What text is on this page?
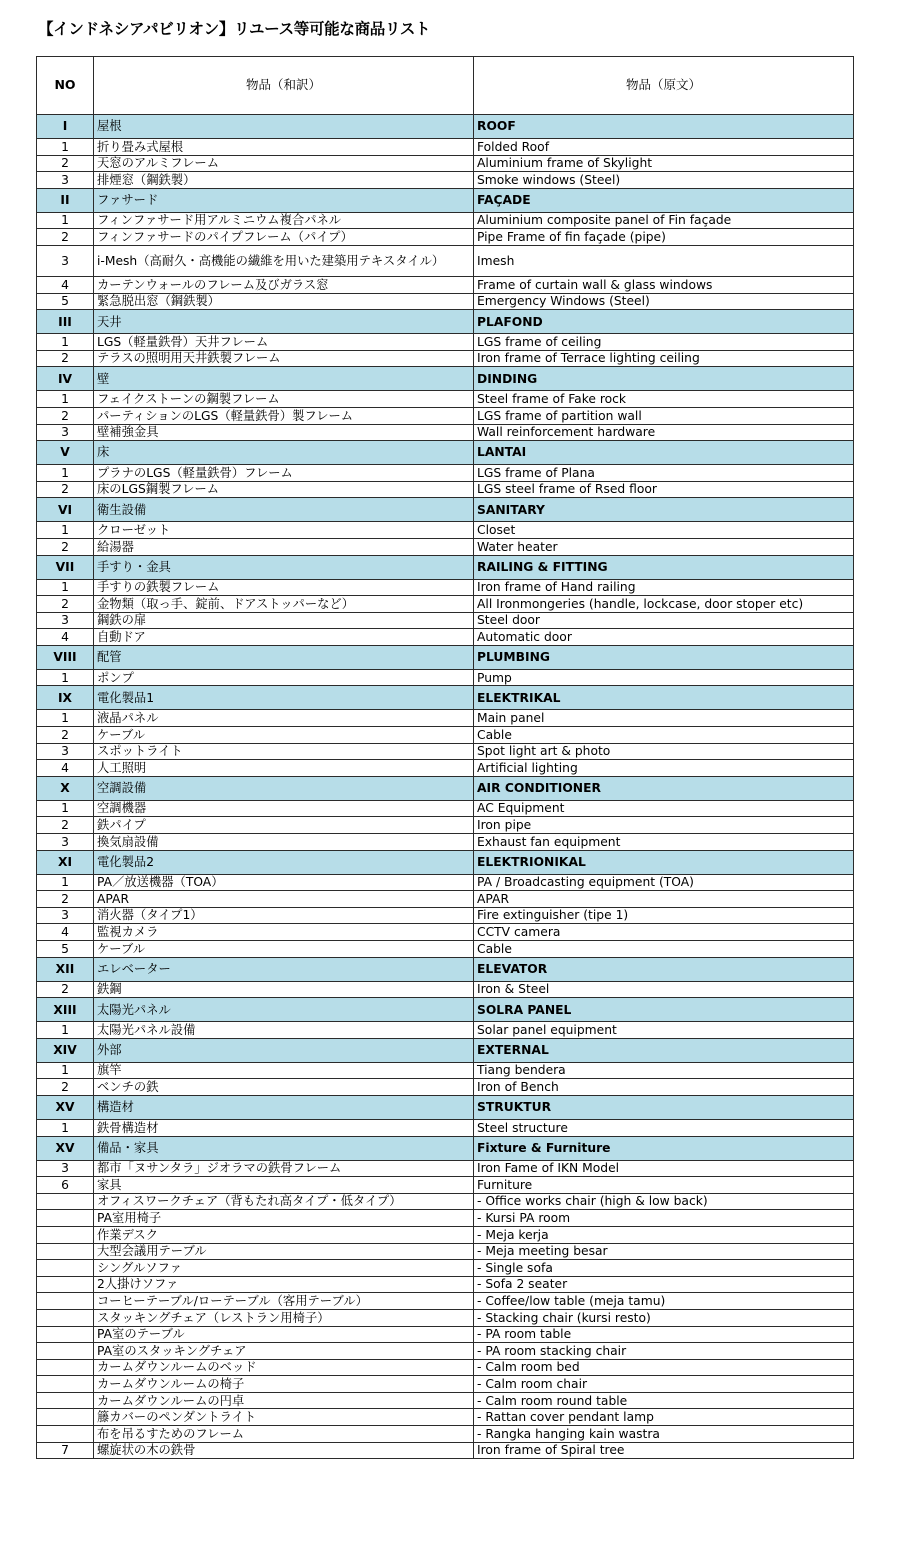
【インドネシアパビリオン】リユース等可能な商品リスト
NO	物品（和訳）	物品（原文）
I	屋根	ROOF
1	折り畳み式屋根	Folded Roof
2	天窓のアルミフレーム	Aluminium frame of Skylight
3	排煙窓（鋼鉄製）	Smoke windows (Steel)
II	ファサード	FAÇADE
1	フィンファサード用アルミニウム複合パネル	Aluminium composite panel of Fin façade
2	フィンファサードのパイプフレーム（パイプ）	Pipe Frame of fin façade (pipe)
3	i-Mesh（高耐久・高機能の繊維を用いた建築用テキスタイル）	Imesh
4	カーテンウォールのフレーム及びガラス窓	Frame of curtain wall & glass windows
5	緊急脱出窓（鋼鉄製）	Emergency Windows (Steel)
III	天井	PLAFOND
1	LGS（軽量鉄骨）天井フレーム	LGS frame of ceiling
2	テラスの照明用天井鉄製フレーム	Iron frame of Terrace lighting ceiling
IV	壁	DINDING
1	フェイクストーンの鋼製フレーム	Steel frame of Fake rock
2	パーティションのLGS（軽量鉄骨）製フレーム	LGS frame of partition wall
3	壁補強金具	Wall reinforcement hardware
V	床	LANTAI
1	プラナのLGS（軽量鉄骨）フレーム	LGS frame of Plana
2	床のLGS鋼製フレーム	LGS steel frame of Rsed floor
VI	衛生設備	SANITARY
1	クローゼット	Closet
2	給湯器	Water heater
VII	手すり・金具	RAILING & FITTING
1	手すりの鉄製フレーム	Iron frame of Hand railing
2	金物類（取っ手、錠前、ドアストッパーなど）	All Ironmongeries (handle, lockcase, door stoper etc)
3	鋼鉄の扉	Steel door
4	自動ドア	Automatic door
VIII	配管	PLUMBING
1	ポンプ	Pump
IX	電化製品1	ELEKTRIKAL
1	液晶パネル	Main panel
2	ケーブル	Cable
3	スポットライト	Spot light art & photo
4	人工照明	Artificial lighting
X	空調設備	AIR CONDITIONER
1	空調機器	AC Equipment
2	鉄パイプ	Iron pipe
3	換気扇設備	Exhaust fan equipment
XI	電化製品2	ELEKTRIONIKAL
1	PA／放送機器（TOA）	PA / Broadcasting equipment (TOA)
2	APAR	APAR
3	消火器（タイプ1）	Fire extinguisher (tipe 1)
4	監視カメラ	CCTV camera
5	ケーブル	Cable
XII	エレベーター	ELEVATOR
2	鉄鋼	Iron & Steel
XIII	太陽光パネル	SOLRA PANEL
1	太陽光パネル設備	Solar panel equipment
XIV	外部	EXTERNAL
1	旗竿	Tiang bendera
2	ベンチの鉄	Iron of Bench
XV	構造材	STRUKTUR
1	鉄骨構造材	Steel structure
XV	備品・家具	Fixture & Furniture
3	都市「ヌサンタラ」ジオラマの鉄骨フレーム	Iron Fame of IKN Model
6	家具	Furniture
	オフィスワークチェア（背もたれ高タイプ・低タイプ）	- Office works chair (high & low back)
	PA室用椅子	- Kursi PA room
	作業デスク	- Meja kerja
	大型会議用テーブル	- Meja meeting besar
	シングルソファ	- Single sofa
	2人掛けソファ	- Sofa 2 seater
	コーヒーテーブル/ローテーブル（客用テーブル）	- Coffee/low table (meja tamu)
	スタッキングチェア（レストラン用椅子）	- Stacking chair (kursi resto)
	PA室のテーブル	- PA room table
	PA室のスタッキングチェア	- PA room stacking chair
	カームダウンルームのベッド	- Calm room bed
	カームダウンルームの椅子	- Calm room chair
	カームダウンルームの円卓	- Calm room round table
	籐カバーのペンダントライト	- Rattan cover pendant lamp
	布を吊るすためのフレーム	- Rangka hanging kain wastra
7	螺旋状の木の鉄骨	Iron frame of Spiral tree
